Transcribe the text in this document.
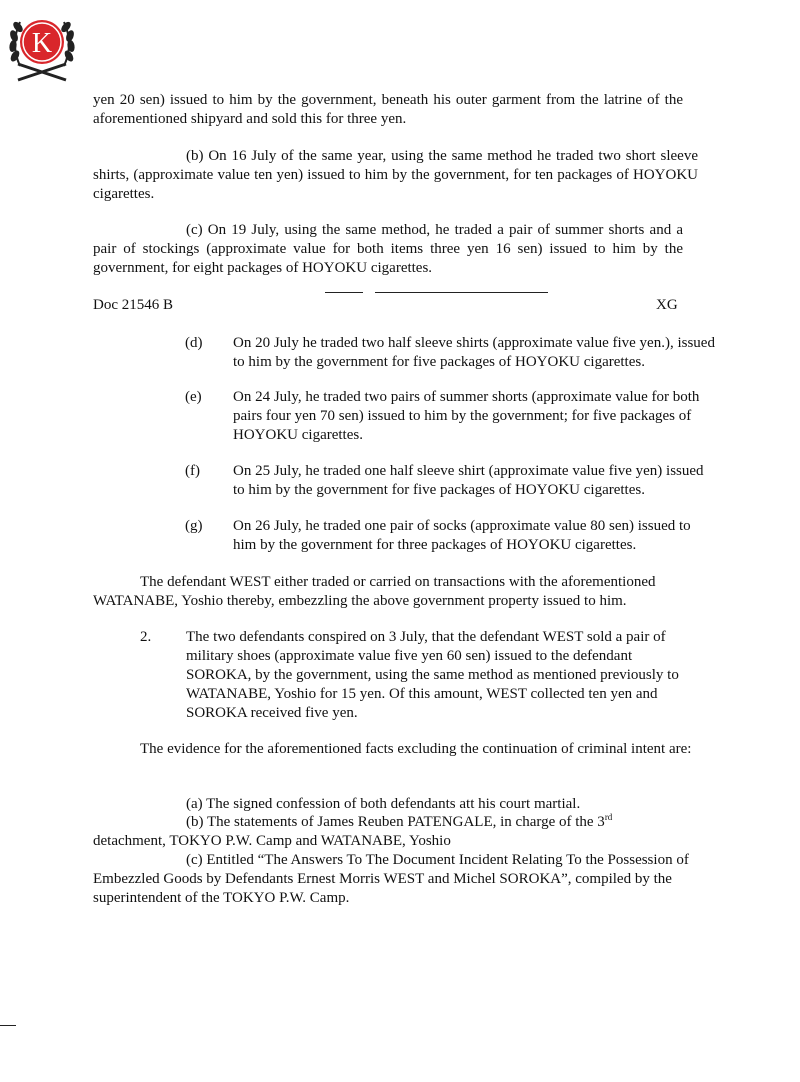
K

yen 20 sen) issued to him by the government, beneath his outer garment from the latrine of the aforementioned shipyard and sold this for three yen.

(b) On 16 July of the same year, using the same method he traded two short sleeve shirts, (approximate value ten yen) issued to him by the government, for ten packages of HOYOKU cigarettes.

(c) On 19 July, using the same method, he traded a pair of summer shorts and a pair of stockings (approximate value for both items three yen 16 sen) issued to him by the government, for eight packages of HOYOKU cigarettes.

Doc 21546 B	XG
(d) On 20 July he traded two half sleeve shirts (approximate value five yen.), issued to him by the government for five packages of HOYOKU cigarettes.
(e) On 24 July, he traded two pairs of summer shorts (approximate value for both pairs four yen 70 sen) issued to him by the government; for five packages of HOYOKU cigarettes.
(f) On 25 July, he traded one half sleeve shirt (approximate value five yen) issued to him by the government for five packages of HOYOKU cigarettes.
(g) On 26 July, he traded one pair of socks (approximate value 80 sen) issued to him by the government for three packages of HOYOKU cigarettes.

The defendant WEST either traded or carried on transactions with the aforementioned WATANABE, Yoshio thereby, embezzling the above government property issued to him.

2. The two defendants conspired on 3 July, that the defendant WEST sold a pair of military shoes (approximate value five yen 60 sen) issued to the defendant SOROKA, by the government, using the same method as mentioned previously to WATANABE, Yoshio for 15 yen. Of this amount, WEST collected ten yen and SOROKA received five yen.

The evidence for the aforementioned facts excluding the continuation of criminal intent are:

(a) The signed confession of both defendants att his court martial.

(b) The statements of James Reuben PATENGALE, in charge of the 3rd
detachment, TOKYO P.W. Camp and WATANABE, Yoshio

(c) Entitled “The Answers To The Document Incident Relating To the Possession of Embezzled Goods by Defendants Ernest Morris WEST and Michel SOROKA”, compiled by the superintendent of the TOKYO P.W. Camp.
